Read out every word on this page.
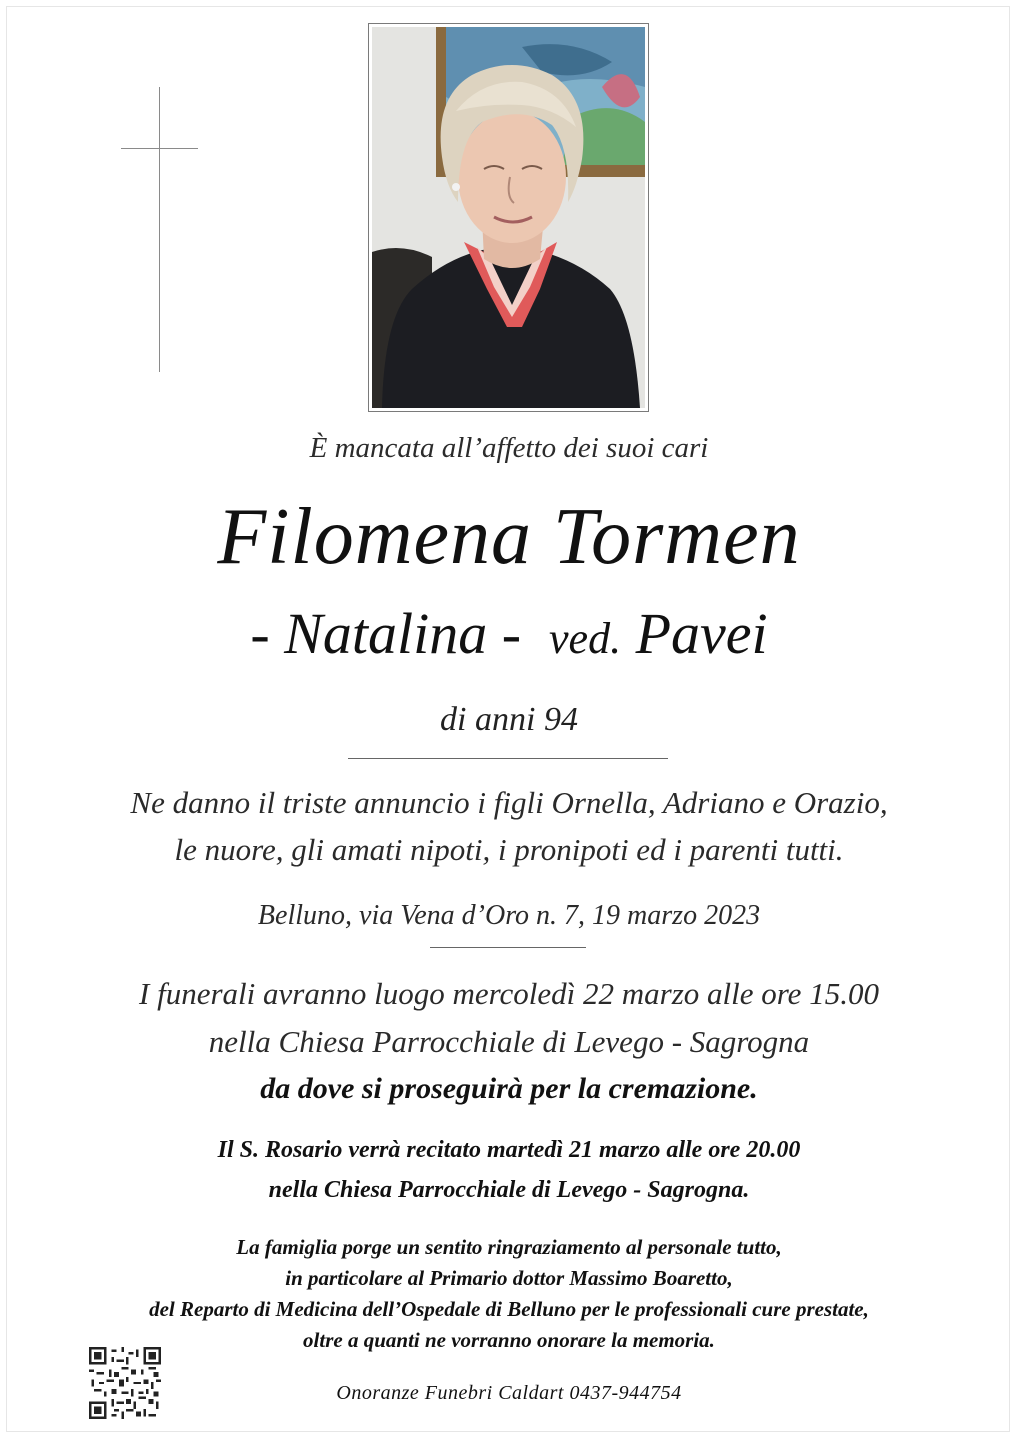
È mancata all’affetto dei suoi cari
Filomena Tormen
- Natalina - ved. Pavei
di anni 94
Ne danno il triste annuncio i figli Ornella, Adriano e Orazio,
le nuore, gli amati nipoti, i pronipoti ed i parenti tutti.
Belluno, via Vena d’Oro n. 7, 19 marzo 2023
I funerali avranno luogo mercoledì 22 marzo alle ore 15.00
nella Chiesa Parrocchiale di Levego - Sagrogna
da dove si proseguirà per la cremazione.
Il S. Rosario verrà recitato martedì 21 marzo alle ore 20.00
nella Chiesa Parrocchiale di Levego - Sagrogna.
La famiglia porge un sentito ringraziamento al personale tutto,
in particolare al Primario dottor Massimo Boaretto,
del Reparto di Medicina dell’Ospedale di Belluno per le professionali cure prestate,
oltre a quanti ne vorranno onorare la memoria.
Onoranze Funebri Caldart 0437-944754
